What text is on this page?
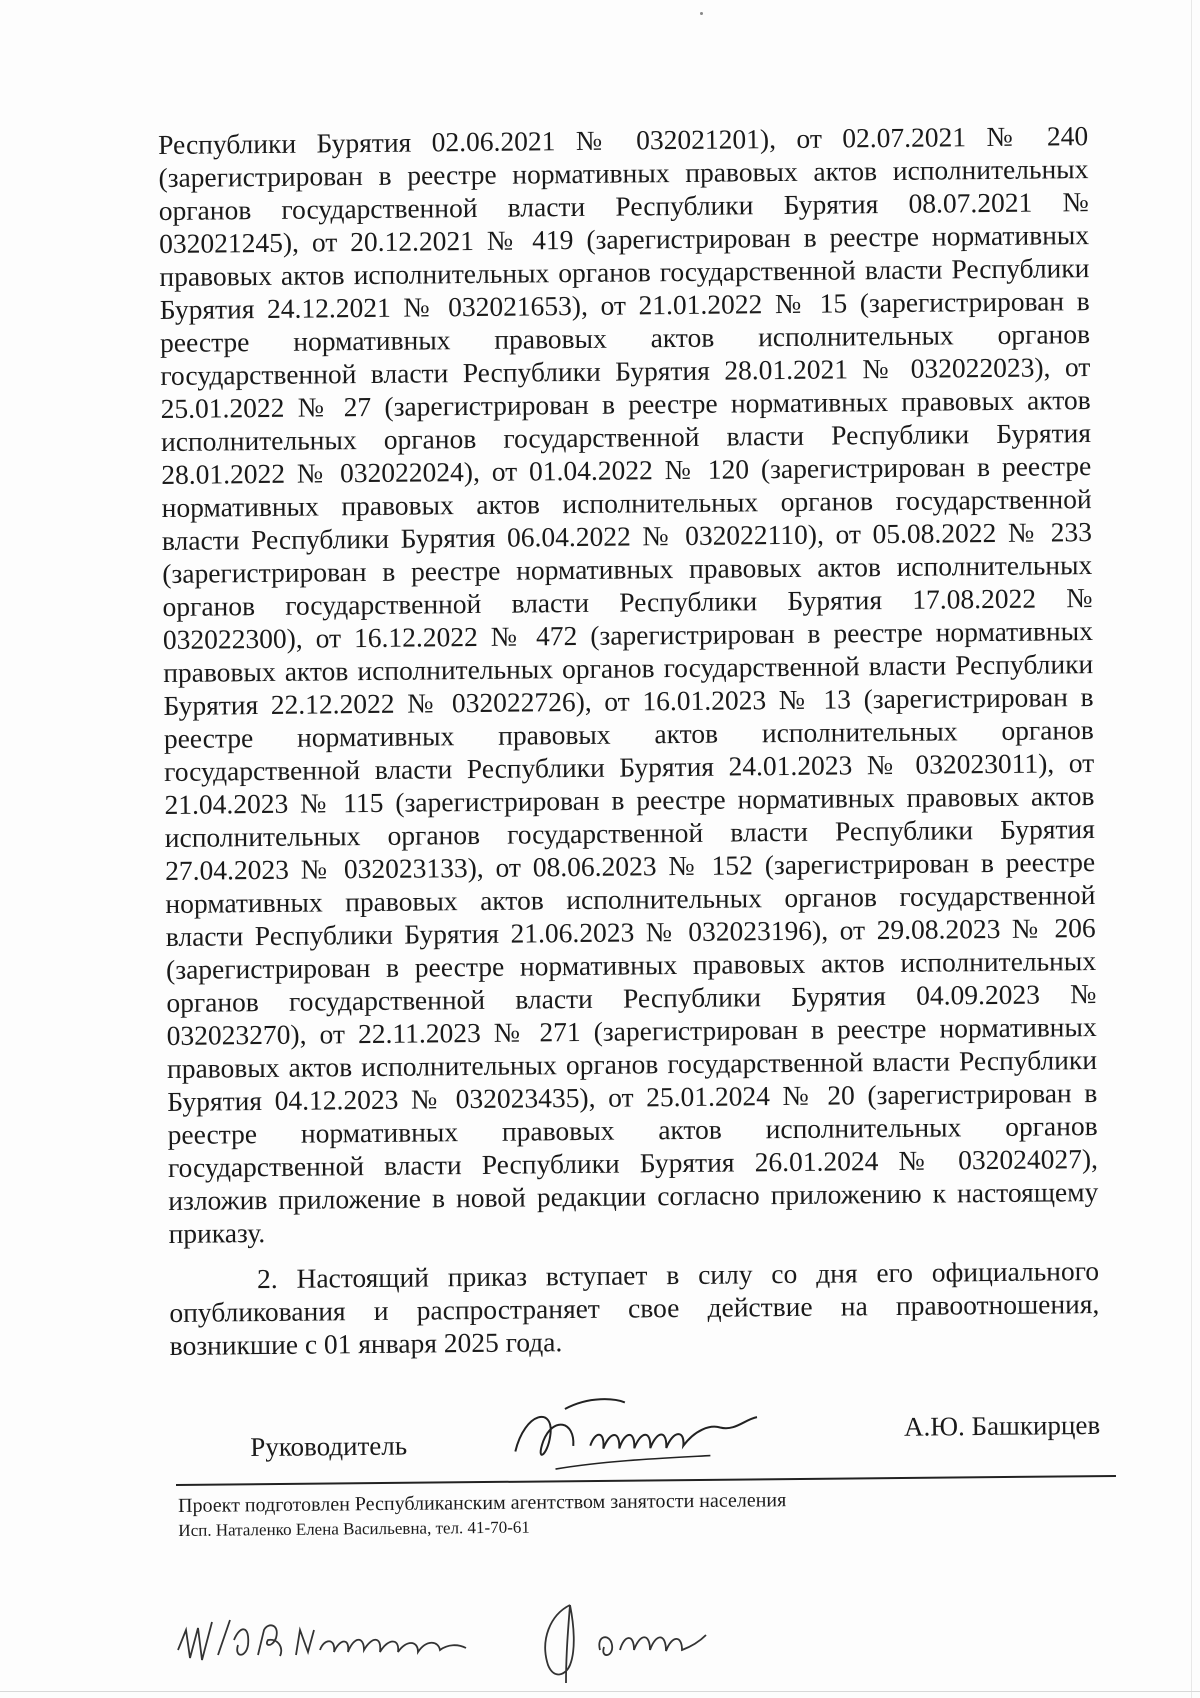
Республики Бурятия 02.06.2021 № 032021201), от 02.07.2021 № 240 (зарегистрирован в реестре нормативных правовых актов исполнительных органов государственной власти Республики Бурятия 08.07.2021 № 032021245), от 20.12.2021 № 419 (зарегистрирован в реестре нормативных правовых актов исполнительных органов государственной власти Республики Бурятия 24.12.2021 № 032021653), от 21.01.2022 № 15 (зарегистрирован в реестре нормативных правовых актов исполнительных органов государственной власти Республики Бурятия 28.01.2021 № 032022023), от 25.01.2022 № 27 (зарегистрирован в реестре нормативных правовых актов исполнительных органов государственной власти Республики Бурятия 28.01.2022 № 032022024), от 01.04.2022 № 120 (зарегистрирован в реестре нормативных правовых актов исполнительных органов государственной власти Республики Бурятия 06.04.2022 № 032022110), от 05.08.2022 № 233 (зарегистрирован в реестре нормативных правовых актов исполнительных органов государственной власти Республики Бурятия 17.08.2022 № 032022300), от 16.12.2022 № 472 (зарегистрирован в реестре нормативных правовых актов исполнительных органов государственной власти Республики Бурятия 22.12.2022 № 032022726), от 16.01.2023 № 13 (зарегистрирован в реестре нормативных правовых актов исполнительных органов государственной власти Республики Бурятия 24.01.2023 № 032023011), от 21.04.2023 № 115 (зарегистрирован в реестре нормативных правовых актов исполнительных органов государственной власти Республики Бурятия 27.04.2023 № 032023133), от 08.06.2023 № 152 (зарегистрирован в реестре нормативных правовых актов исполнительных органов государственной власти Республики Бурятия 21.06.2023 № 032023196), от 29.08.2023 № 206 (зарегистрирован в реестре нормативных правовых актов исполнительных органов государственной власти Республики Бурятия 04.09.2023 № 032023270), от 22.11.2023 № 271 (зарегистрирован в реестре нормативных правовых актов исполнительных органов государственной власти Республики Бурятия 04.12.2023 № 032023435), от 25.01.2024 № 20 (зарегистрирован в реестре нормативных правовых актов исполнительных органов государственной власти Республики Бурятия 26.01.2024 № 032024027), изложив приложение в новой редакции согласно приложению к настоящему приказу.

2. Настоящий приказ вступает в силу со дня его официального опубликования и распространяет свое действие на правоотношения, возникшие с 01 января 2025 года.

Руководитель
А.Ю. Башкирцев
Проект подготовлен Республиканским агентством занятости населения
Исп. Наталенко Елена Васильевна, тел. 41-70-61
